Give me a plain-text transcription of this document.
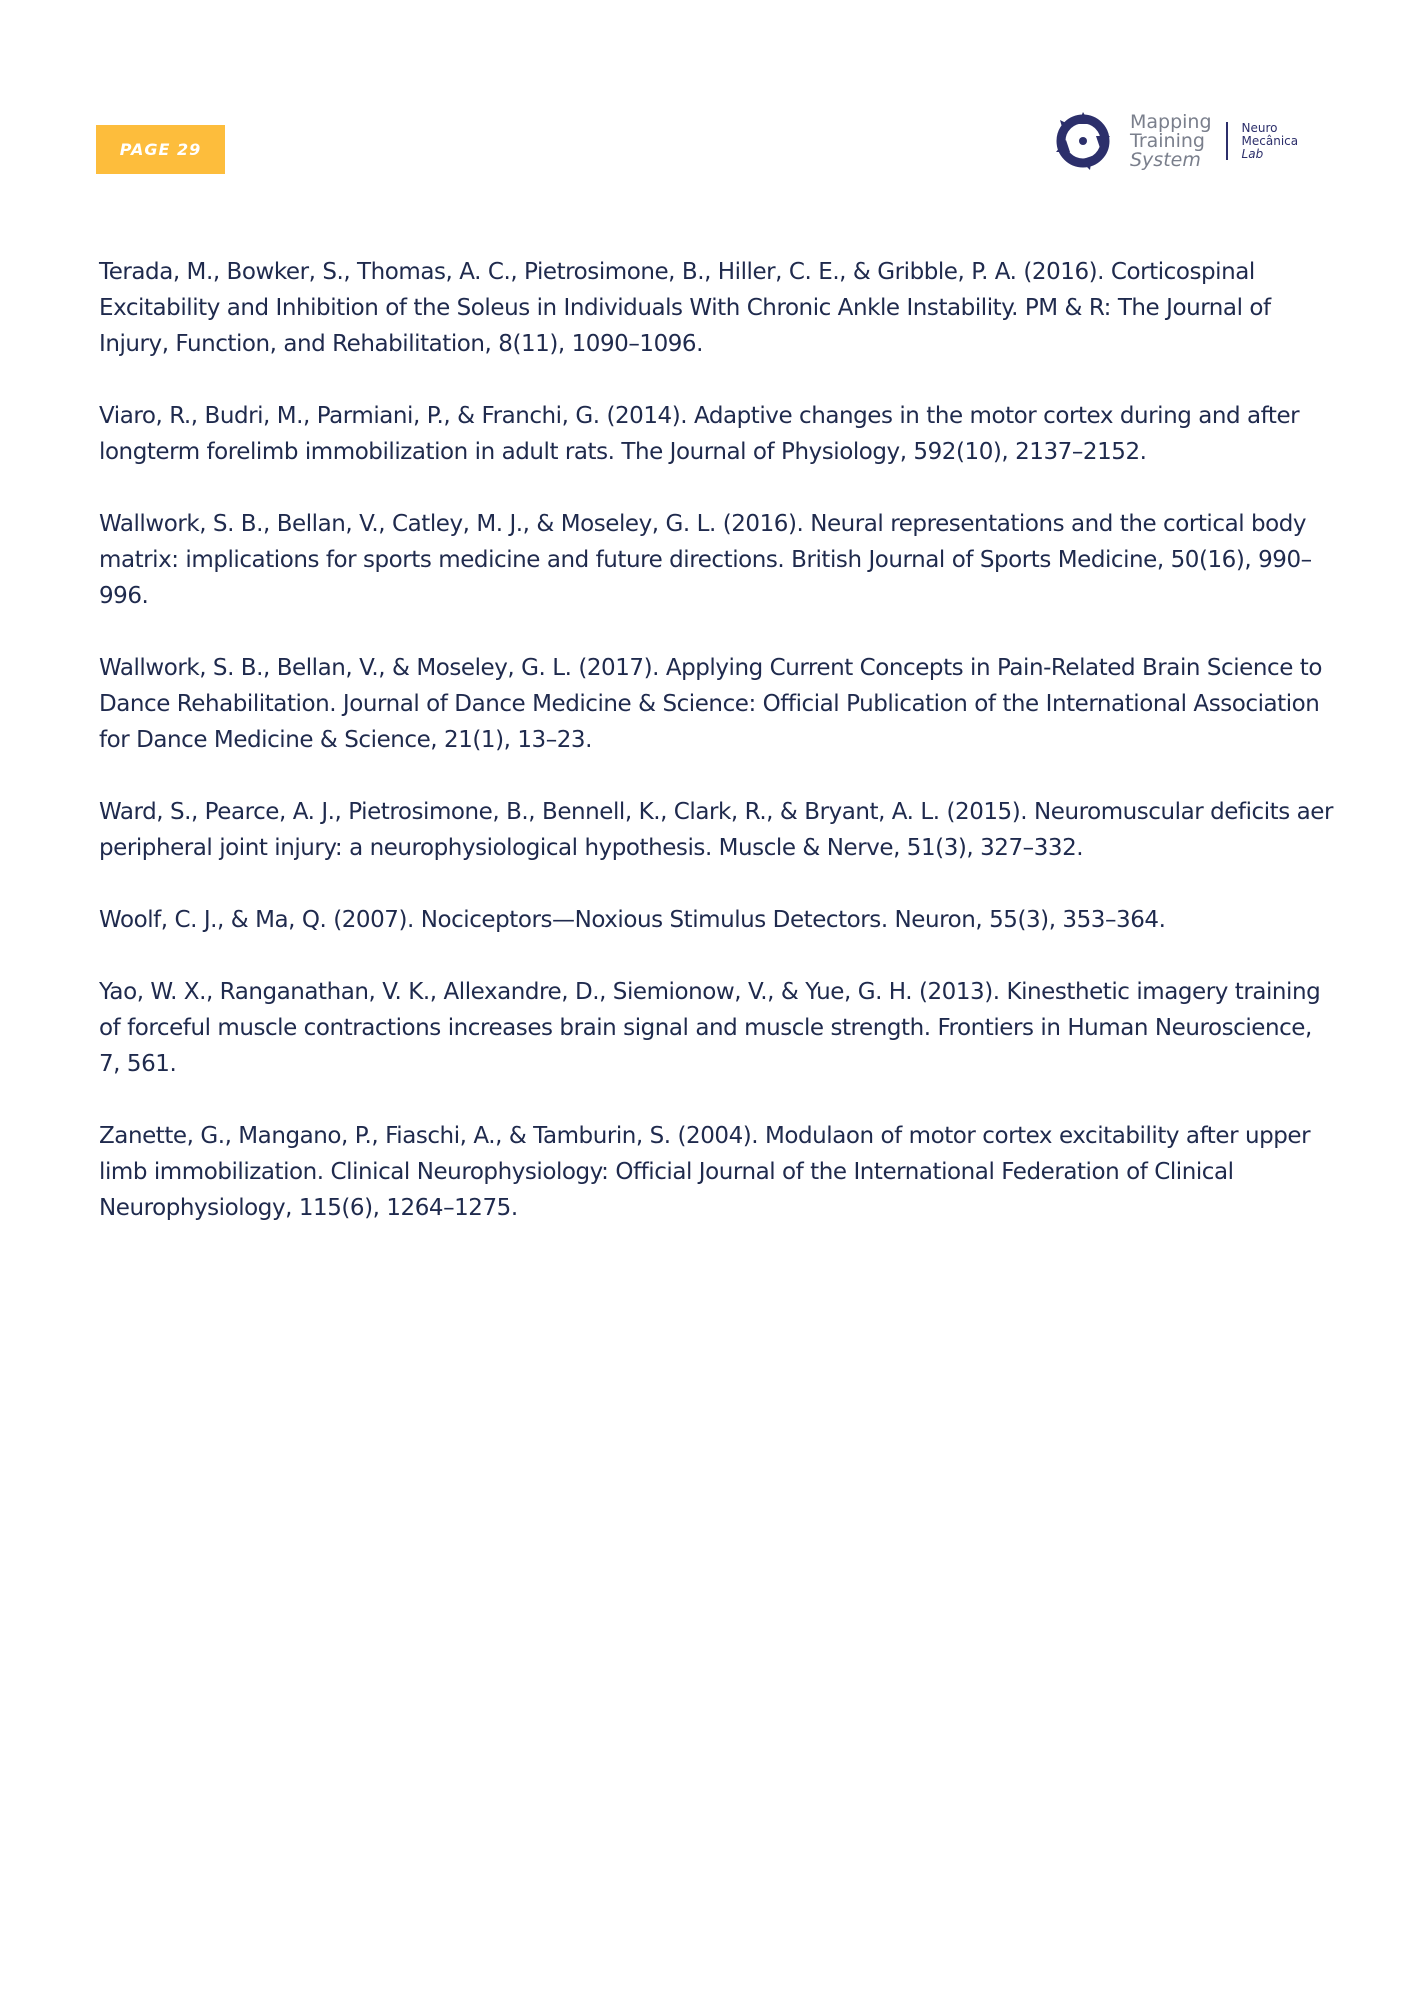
PAGE 29
Mapping
Training
System
Neuro
Mecânica
Lab

Terada, M., Bowker, S., Thomas, A. C., Pietrosimone, B., Hiller, C. E., & Gribble, P. A. (2016). Corticospinal Excitability and Inhibition of the Soleus in Individuals With Chronic Ankle Instability. PM & R: The Journal of Injury, Function, and Rehabilitation, 8(11), 1090–1096.

Viaro, R., Budri, M., Parmiani, P., & Franchi, G. (2014). Adaptive changes in the motor cortex during and after longterm forelimb immobilization in adult rats. The Journal of Physiology, 592(10), 2137–2152.

Wallwork, S. B., Bellan, V., Catley, M. J., & Moseley, G. L. (2016). Neural representations and the cortical body matrix: implications for sports medicine and future directions. British Journal of Sports Medicine, 50(16), 990–996.

Wallwork, S. B., Bellan, V., & Moseley, G. L. (2017). Applying Current Concepts in Pain-Related Brain Science to Dance Rehabilitation. Journal of Dance Medicine & Science: Official Publication of the International Association for Dance Medicine & Science, 21(1), 13–23.

Ward, S., Pearce, A. J., Pietrosimone, B., Bennell, K., Clark, R., & Bryant, A. L. (2015). Neuromuscular deficits aer peripheral joint injury: a neurophysiological hypothesis. Muscle & Nerve, 51(3), 327–332.

Woolf, C. J., & Ma, Q. (2007). Nociceptors—Noxious Stimulus Detectors. Neuron, 55(3), 353–364.

Yao, W. X., Ranganathan, V. K., Allexandre, D., Siemionow, V., & Yue, G. H. (2013). Kinesthetic imagery training of forceful muscle contractions increases brain signal and muscle strength. Frontiers in Human Neuroscience, 7, 561.

Zanette, G., Mangano, P., Fiaschi, A., & Tamburin, S. (2004). Modulaon of motor cortex excitability after upper limb immobilization. Clinical Neurophysiology: Official Journal of the International Federation of Clinical Neurophysiology, 115(6), 1264–1275.
